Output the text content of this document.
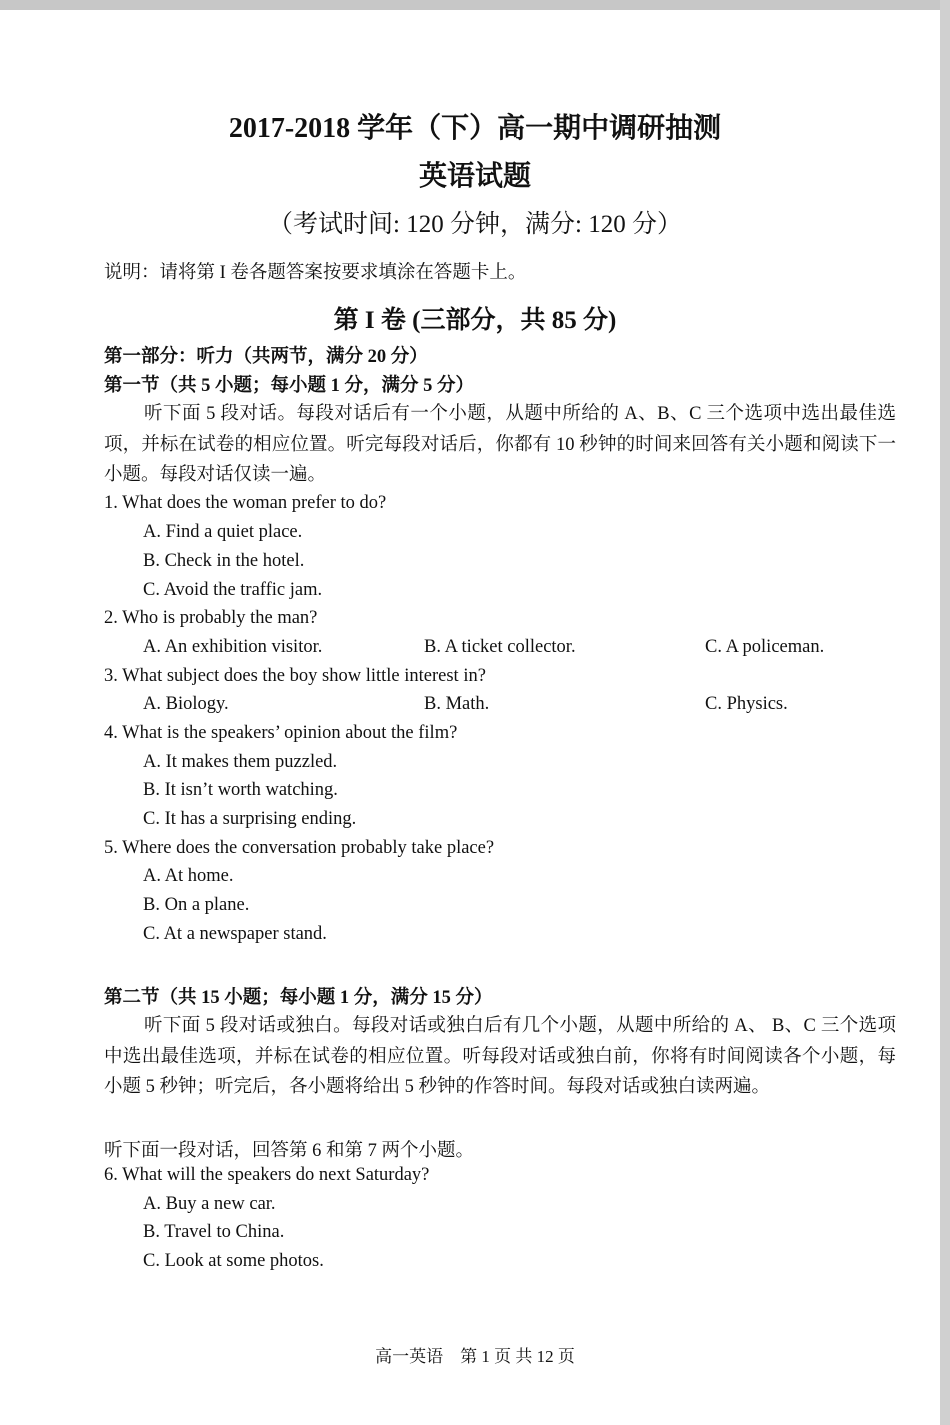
2017-2018 学年（下）高一期中调研抽测
英语试题
（考试时间: 120 分钟，满分: 120 分）
说明：请将第 I 卷各题答案按要求填涂在答题卡上。
第 I 卷 (三部分，共 85 分)
第一部分：听力（共两节，满分 20 分）
第一节（共 5 小题；每小题 1 分，满分 5 分）
听下面 5 段对话。每段对话后有一个小题，从题中所给的 A、B、C 三个选项中选出最佳选项，并标在试卷的相应位置。听完每段对话后，你都有 10 秒钟的时间来回答有关小题和阅读下一小题。每段对话仅读一遍。
1. What does the woman prefer to do?
A. Find a quiet place.
B. Check in the hotel.
C. Avoid the traffic jam.
2. Who is probably the man?
A. An exhibition visitor.	B. A ticket collector.	C. A policeman.
3. What subject does the boy show little interest in?
A. Biology.	B. Math.	C. Physics.
4. What is the speakers’ opinion about the film?
A. It makes them puzzled.
B. It isn’t worth watching.
C. It has a surprising ending.
5. Where does the conversation probably take place?
A. At home.
B. On a plane.
C. At a newspaper stand.
第二节（共 15 小题；每小题 1 分，满分 15 分）
听下面 5 段对话或独白。每段对话或独白后有几个小题，从题中所给的 A、 B、C 三个选项中选出最佳选项，并标在试卷的相应位置。听每段对话或独白前，你将有时间阅读各个小题，每小题 5 秒钟；听完后，各小题将给出 5 秒钟的作答时间。每段对话或独白读两遍。
听下面一段对话，回答第 6 和第 7 两个小题。
6. What will the speakers do next Saturday?
A. Buy a new car.
B. Travel to China.
C. Look at some photos.
高一英语　第 1 页 共 12 页
